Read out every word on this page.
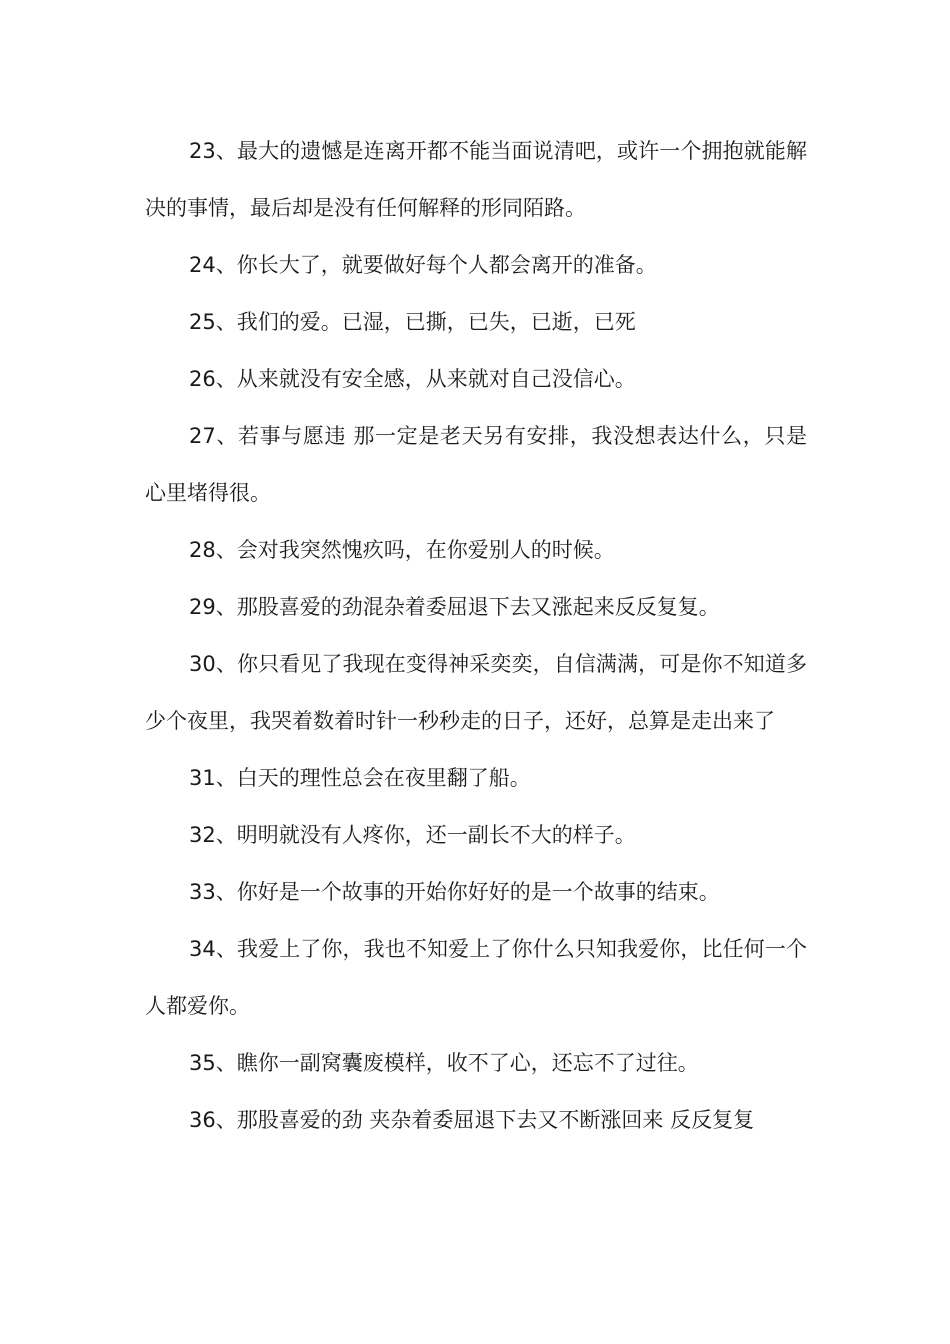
23、最大的遗憾是连离开都不能当面说清吧，或许一个拥抱就能解决的事情，最后却是没有任何解释的形同陌路。

24、你长大了，就要做好每个人都会离开的准备。

25、我们的爱。已湿，已撕，已失，已逝，已死

26、从来就没有安全感，从来就对自己没信心。

27、若事与愿违 那一定是老天另有安排，我没想表达什么，只是心里堵得很。

28、会对我突然愧疚吗，在你爱别人的时候。

29、那股喜爱的劲混杂着委屈退下去又涨起来反反复复。

30、你只看见了我现在变得神采奕奕，自信满满，可是你不知道多少个夜里，我哭着数着时针一秒秒走的日子，还好，总算是走出来了

31、白天的理性总会在夜里翻了船。

32、明明就没有人疼你，还一副长不大的样子。

33、你好是一个故事的开始你好好的是一个故事的结束。

34、我爱上了你，我也不知爱上了你什么只知我爱你，比任何一个人都爱你。

35、瞧你一副窝囊废模样，收不了心，还忘不了过往。

36、那股喜爱的劲 夹杂着委屈退下去又不断涨回来 反反复复
